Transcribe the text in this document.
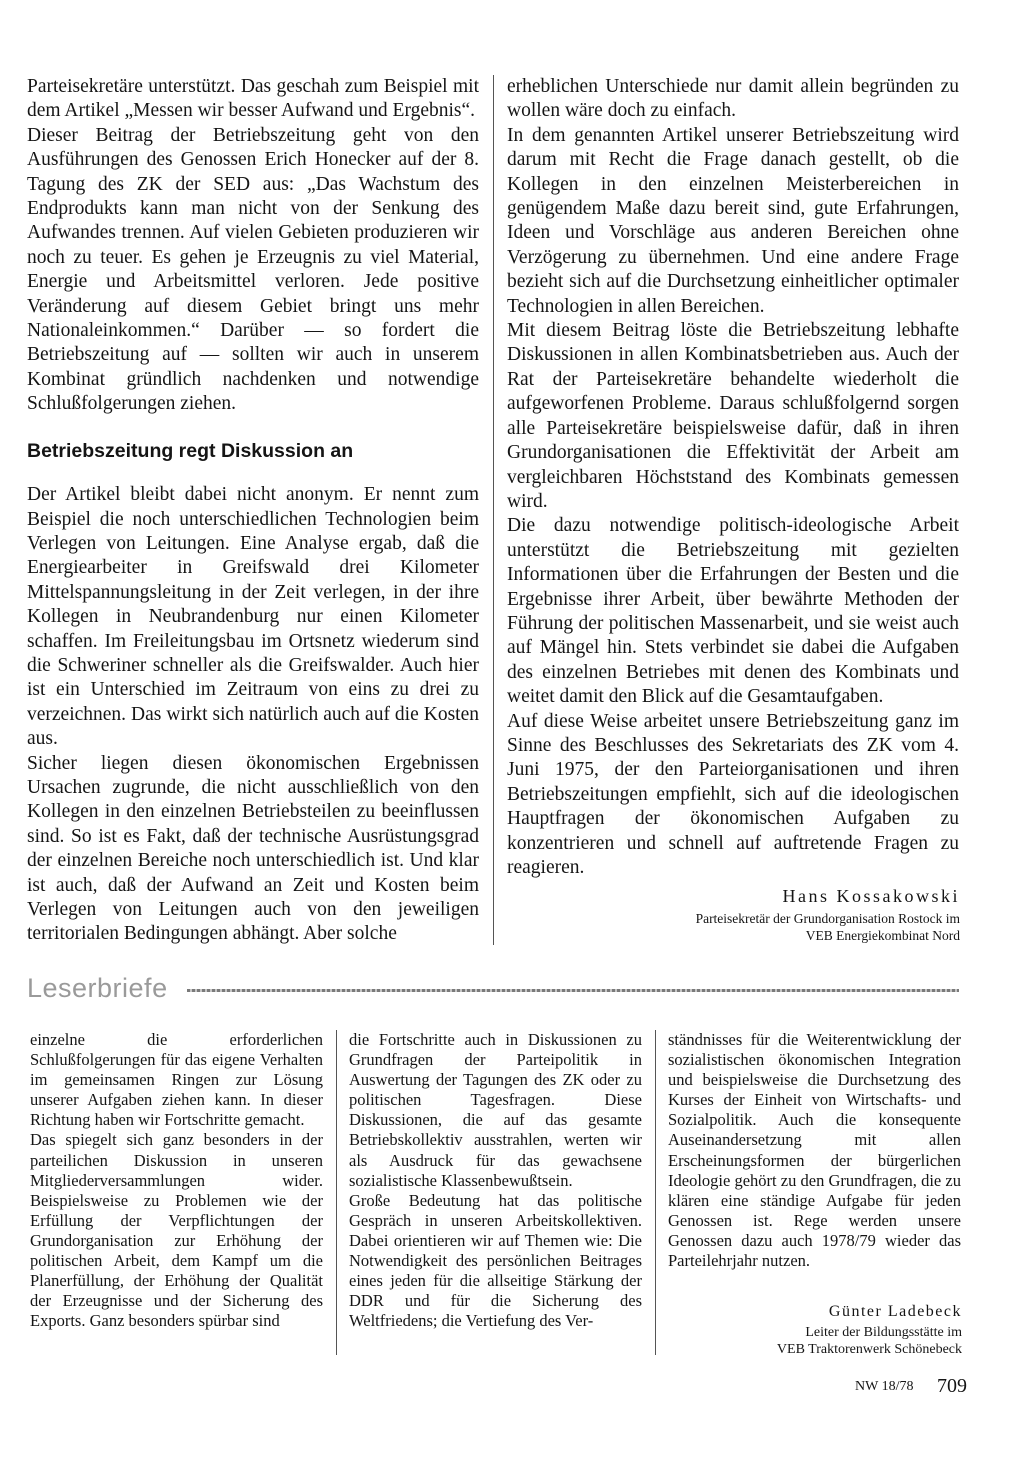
Parteisekretäre unterstützt. Das geschah zum Beispiel mit dem Artikel „Messen wir besser Aufwand und Ergebnis“.

Dieser Beitrag der Betriebszeitung geht von den Ausführungen des Genossen Erich Honecker auf der 8. Tagung des ZK der SED aus: „Das Wachstum des Endprodukts kann man nicht von der Senkung des Aufwandes trennen. Auf vielen Gebieten produzieren wir noch zu teuer. Es gehen je Erzeugnis zu viel Material, Energie und Arbeitsmittel verloren. Jede positive Veränderung auf diesem Gebiet bringt uns mehr Nationaleinkommen.“ Darüber — so fordert die Betriebszeitung auf — sollten wir auch in unserem Kombinat gründlich nachdenken und notwendige Schlußfolgerungen ziehen.

Betriebszeitung regt Diskussion an

Der Artikel bleibt dabei nicht anonym. Er nennt zum Beispiel die noch unterschiedlichen Technologien beim Verlegen von Leitungen. Eine Analyse ergab, daß die Energiearbeiter in Greifswald drei Kilometer Mittelspannungsleitung in der Zeit verlegen, in der ihre Kollegen in Neubrandenburg nur einen Kilometer schaffen. Im Freileitungsbau im Ortsnetz wiederum sind die Schweriner schneller als die Greifswalder. Auch hier ist ein Unterschied im Zeitraum von eins zu drei zu verzeichnen. Das wirkt sich natürlich auch auf die Kosten aus.

Sicher liegen diesen ökonomischen Ergebnissen Ursachen zugrunde, die nicht ausschließlich von den Kollegen in den einzelnen Betriebsteilen zu beeinflussen sind. So ist es Fakt, daß der technische Ausrüstungsgrad der einzelnen Bereiche noch unterschiedlich ist. Und klar ist auch, daß der Aufwand an Zeit und Kosten beim Verlegen von Leitungen auch von den jeweiligen territorialen Bedingungen abhängt. Aber solche

erheblichen Unterschiede nur damit allein begründen zu wollen wäre doch zu einfach.

In dem genannten Artikel unserer Betriebszeitung wird darum mit Recht die Frage danach gestellt, ob die Kollegen in den einzelnen Meisterbereichen in genügendem Maße dazu bereit sind, gute Erfahrungen, Ideen und Vorschläge aus anderen Bereichen ohne Verzögerung zu übernehmen. Und eine andere Frage bezieht sich auf die Durchsetzung einheitlicher optimaler Technologien in allen Bereichen.

Mit diesem Beitrag löste die Betriebszeitung lebhafte Diskussionen in allen Kombinatsbetrieben aus. Auch der Rat der Parteisekretäre behandelte wiederholt die aufgeworfenen Probleme. Daraus schlußfolgernd sorgen alle Parteisekretäre beispielsweise dafür, daß in ihren Grundorganisationen die Effektivität der Arbeit am vergleichbaren Höchststand des Kombinats gemessen wird.

Die dazu notwendige politisch-ideologische Arbeit unterstützt die Betriebszeitung mit gezielten Informationen über die Erfahrungen der Besten und die Ergebnisse ihrer Arbeit, über bewährte Methoden der Führung der politischen Massenarbeit, und sie weist auch auf Mängel hin. Stets verbindet sie dabei die Aufgaben des einzelnen Betriebes mit denen des Kombinats und weitet damit den Blick auf die Gesamtaufgaben.

Auf diese Weise arbeitet unsere Betriebszeitung ganz im Sinne des Beschlusses des Sekretariats des ZK vom 4. Juni 1975, der den Parteiorganisationen und ihren Betriebszeitungen empfiehlt, sich auf die ideologischen Hauptfragen der ökonomischen Aufgaben zu konzentrieren und schnell auf auftretende Fragen zu reagieren.

Hans Kossakowski
Parteisekretär der Grundorganisation Rostock im
VEB Energiekombinat Nord
Leserbriefe

einzelne die erforderlichen Schlußfolgerungen für das eigene Verhalten im gemeinsamen Ringen zur Lösung unserer Aufgaben ziehen kann. In dieser Richtung haben wir Fortschritte gemacht.

Das spiegelt sich ganz besonders in der parteilichen Diskussion in unseren Mitgliederversammlungen wider. Beispielsweise zu Problemen wie der Erfüllung der Verpflichtungen der Grundorganisation zur Erhöhung der politischen Arbeit, dem Kampf um die Planerfüllung, der Erhöhung der Qualität der Erzeugnisse und der Sicherung des Exports. Ganz besonders spürbar sind

die Fortschritte auch in Diskussionen zu Grundfragen der Parteipolitik in Auswertung der Tagungen des ZK oder zu politischen Tagesfragen. Diese Diskussionen, die auf das gesamte Betriebskollektiv ausstrahlen, werten wir als Ausdruck für das gewachsene sozialistische Klassenbewußtsein.

Große Bedeutung hat das politische Gespräch in unseren Arbeitskollektiven. Dabei orientieren wir auf Themen wie: Die Notwendigkeit des persönlichen Beitrages eines jeden für die allseitige Stärkung der DDR und für die Sicherung des Weltfriedens; die Vertiefung des Ver-

ständnisses für die Weiterentwicklung der sozialistischen ökonomischen Integration und beispielsweise die Durchsetzung des Kurses der Einheit von Wirtschafts- und Sozialpolitik. Auch die konsequente Auseinandersetzung mit allen Erscheinungsformen der bürgerlichen Ideologie gehört zu den Grundfragen, die zu klären eine ständige Aufgabe für jeden Genossen ist. Rege werden unsere Genossen dazu auch 1978/79 wieder das Parteilehrjahr nutzen.

Günter Ladebeck
Leiter der Bildungsstätte im
VEB Traktorenwerk Schönebeck
NW 18/78 709
